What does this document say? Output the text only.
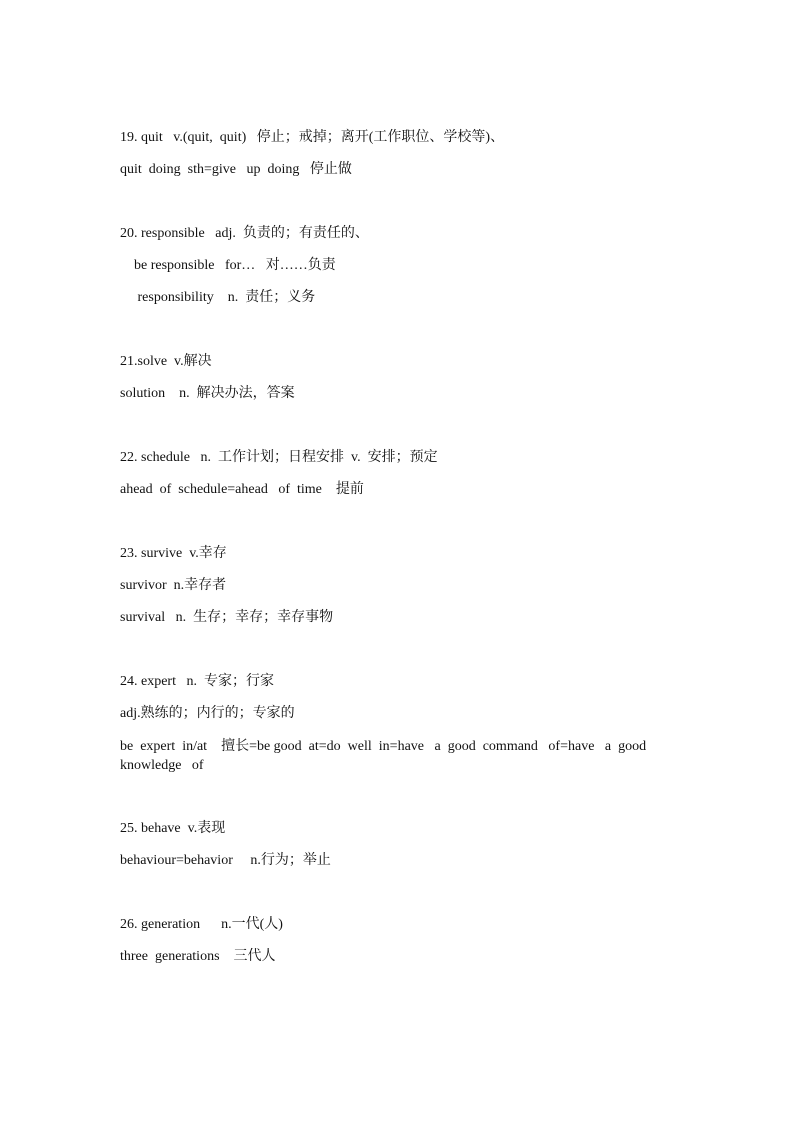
19. quit   v.(quit,  quit)   停止；戒掉；离开(工作职位、学校等)、

quit  doing  sth=give   up  doing   停止做

20. responsible   adj.  负责的；有责任的、

be responsible   for…   对……负责

responsibility    n.  责任；义务

21.solve  v.解决

solution    n.  解决办法，答案

22. schedule   n.  工作计划；日程安排  v.  安排；预定

ahead  of  schedule=ahead   of  time    提前

23. survive  v.幸存

survivor  n.幸存者

survival   n.  生存；幸存；幸存事物

24. expert   n.  专家；行家

adj.熟练的；内行的；专家的

be  expert  in/at    擅长=be good  at=do  well  in=have   a  good  command   of=have   a  good knowledge   of

25. behave  v.表现

behaviour=behavior     n.行为；举止

26. generation      n.一代(人)

three  generations    三代人
